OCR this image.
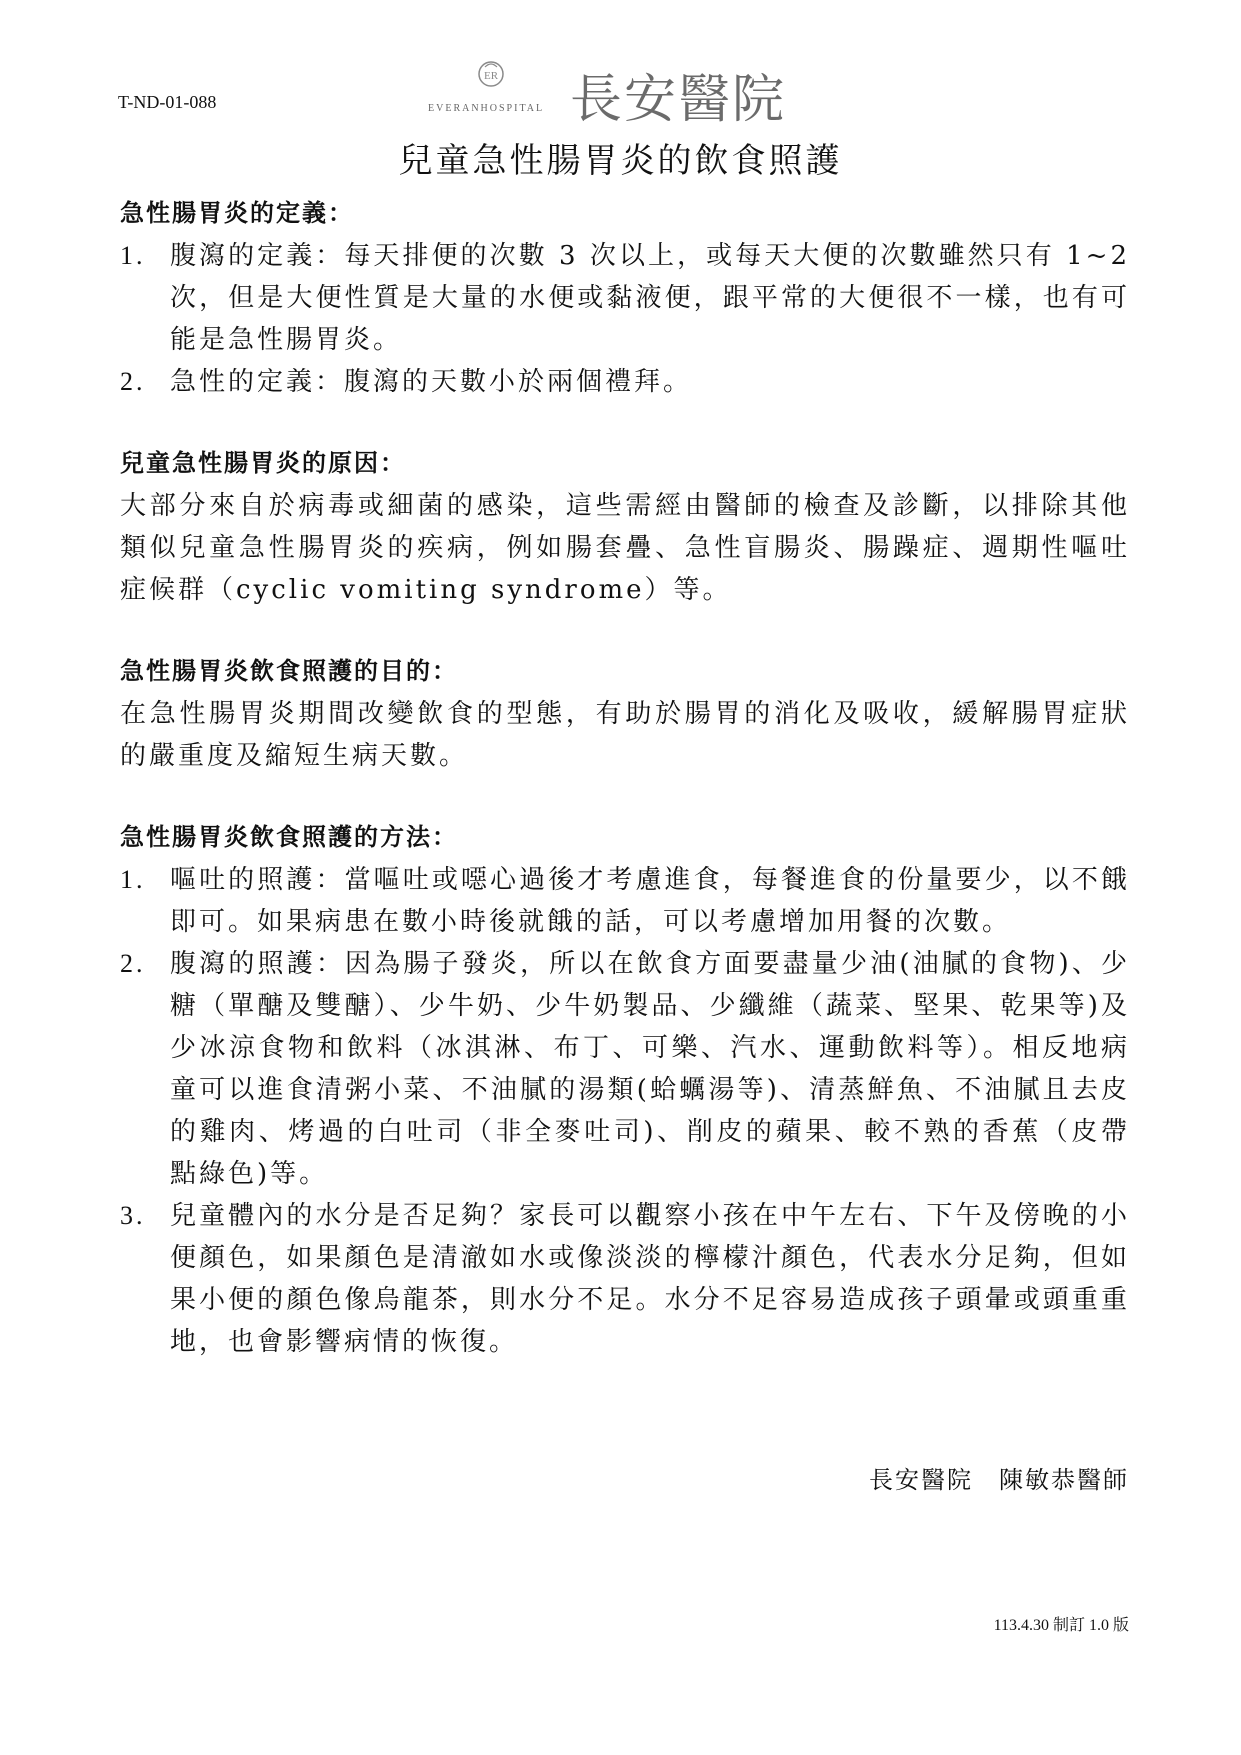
T-ND-01-088
ER
EVERANHOSPITAL 長安醫院
兒童急性腸胃炎的飲食照護
急性腸胃炎的定義：
1. 腹瀉的定義：每天排便的次數 3 次以上，或每天大便的次數雖然只有 1~2 次，但是大便性質是大量的水便或黏液便，跟平常的大便很不一樣，也有可能是急性腸胃炎。
2. 急性的定義：腹瀉的天數小於兩個禮拜。
兒童急性腸胃炎的原因：

大部分來自於病毒或細菌的感染，這些需經由醫師的檢查及診斷，以排除其他類似兒童急性腸胃炎的疾病，例如腸套疊、急性盲腸炎、腸躁症、週期性嘔吐症候群（cyclic vomiting syndrome）等。

急性腸胃炎飲食照護的目的：

在急性腸胃炎期間改變飲食的型態，有助於腸胃的消化及吸收，緩解腸胃症狀的嚴重度及縮短生病天數。

急性腸胃炎飲食照護的方法：
1. 嘔吐的照護：當嘔吐或噁心過後才考慮進食，每餐進食的份量要少，以不餓即可。如果病患在數小時後就餓的話，可以考慮增加用餐的次數。
2. 腹瀉的照護：因為腸子發炎，所以在飲食方面要盡量少油(油膩的食物)、少糖（單醣及雙醣）、少牛奶、少牛奶製品、少纖維（蔬菜、堅果、乾果等)及少冰涼食物和飲料（冰淇淋、布丁、可樂、汽水、運動飲料等）。相反地病童可以進食清粥小菜、不油膩的湯類(蛤蠣湯等)、清蒸鮮魚、不油膩且去皮的雞肉、烤過的白吐司（非全麥吐司)、削皮的蘋果、較不熟的香蕉（皮帶點綠色)等。
3. 兒童體內的水分是否足夠？家長可以觀察小孩在中午左右、下午及傍晚的小便顏色，如果顏色是清澈如水或像淡淡的檸檬汁顏色，代表水分足夠，但如果小便的顏色像烏龍茶，則水分不足。水分不足容易造成孩子頭暈或頭重重地，也會影響病情的恢復。
長安醫院　陳敏恭醫師
113.4.30 制訂 1.0 版
